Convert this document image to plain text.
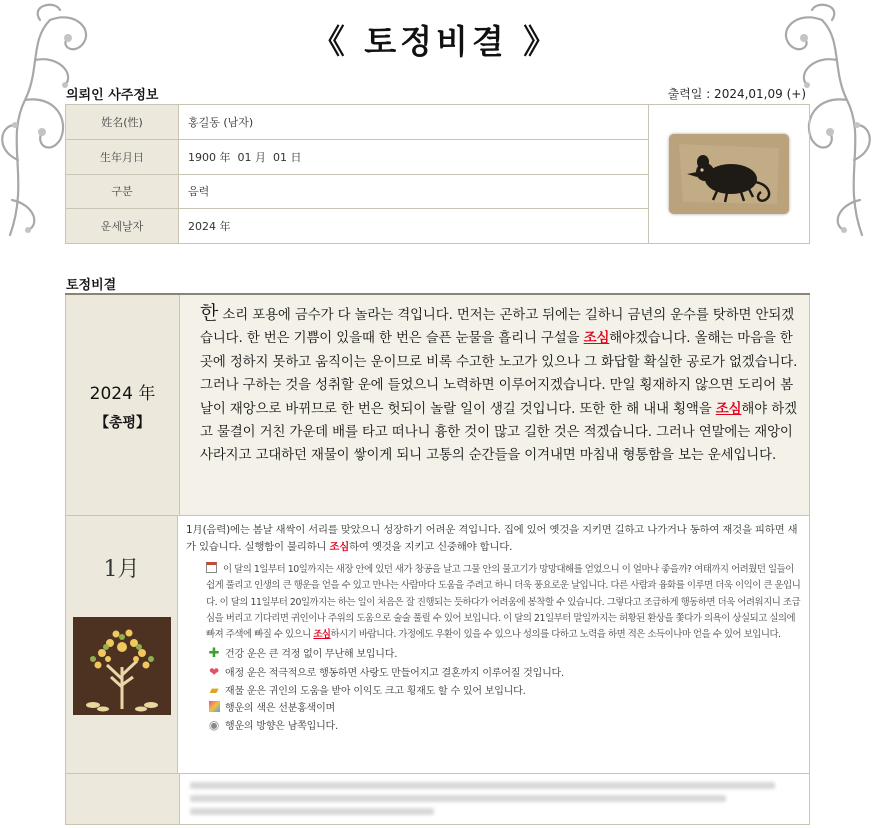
《 토정비결 》
의뢰인 사주정보	출력일 : 2024,01,09 (+)
姓名(性)	홍길동 (남자)	

生年月日	1900 年  01 月  01 日	
구분	음력	
운세날자	2024 年	
토정비결
2024 年
【총평】
한 소리 포용에 금수가 다 놀라는 격입니다. 먼저는 곤하고 뒤에는 길하니 금년의 운수를 탓하면 안되겠습니다. 한 번은 기쁨이 있을때 한 번은 슬픈 눈물을 흘리니 구설을 조심해야겠습니다. 올해는 마음을 한 곳에 정하지 못하고 움직이는 운이므로 비록 수고한 노고가 있으나 그 화답할 확실한 공로가 없겠습니다. 그러나 구하는 것을 성취할 운에 들었으니 노력하면 이루어지겠습니다. 만일 횡재하지 않으면 도리어 봄날이 재앙으로 바뀌므로 한 번은 헛되이 놀랄 일이 생길 것입니다. 또한 한 해 내내 횡액을 조심해야 하겠고 물결이 거친 가운데 배를 타고 떠나니 흉한 것이 많고 길한 것은 적겠습니다. 그러나 연말에는 재앙이 사라지고 고대하던 재물이 쌓이게 되니 고통의 순간들을 이겨내면 마침내 형통함을 보는 운세입니다.
1月
1月(음력)에는 봄날 새싹이 서리를 맞았으니 성장하기 어려운 격입니다. 집에 있어 옛것을 지키면 길하고 나가거나 동하여 재것을 피하면 새가 있습니다. 실행함이 불리하니 조심하여 옛것을 지키고 신중해야 합니다.
이 달의 1일부터 10일까지는 새장 안에 있던 새가 창공을 날고 그물 안의 물고기가 망망대해를 얻었으니 이 얼마나 좋을까? 여태까지 어려웠던 일들이 쉽게 풀리고 인생의 큰 행운을 얻을 수 있고 만나는 사람마다 도움을 주려고 하니 더욱 풍요로운 날입니다. 다른 사람과 융화를 이루면 더욱 이익이 큰 운입니다. 이 달의 11일부터 20일까지는 하는 일이 처음은 잘 진행되는 듯하다가 어려움에 봉착할 수 있습니다. 그렇다고 조급하게 행동하면 더욱 어려워지니 조급심을 버리고 기다리면 귀인이나 주위의 도움으로 술술 풀릴 수 있어 보입니다. 이 달의 21일부터 말일까지는 허황된 환상을 쫓다가 의욕이 상실되고 실의에 빠져 주색에 빠질 수 있으니 조심하시기 바랍니다. 가정에도 우환이 있을 수 있으나 성의를 다하고 노력을 하면 적은 소득이나마 얻을 수 있어 보입니다.
✚ 건강 운은 큰 걱정 없이 무난해 보입니다.
❤ 애정 운은 적극적으로 행동하면 사랑도 만들어지고 결혼까지 이루어질 것입니다.
▰ 재물 운은 귀인의 도움을 받아 이익도 크고 횡재도 할 수 있어 보입니다.
행운의 색은 선분홍색이며
◉ 행운의 방향은 남쪽입니다.
